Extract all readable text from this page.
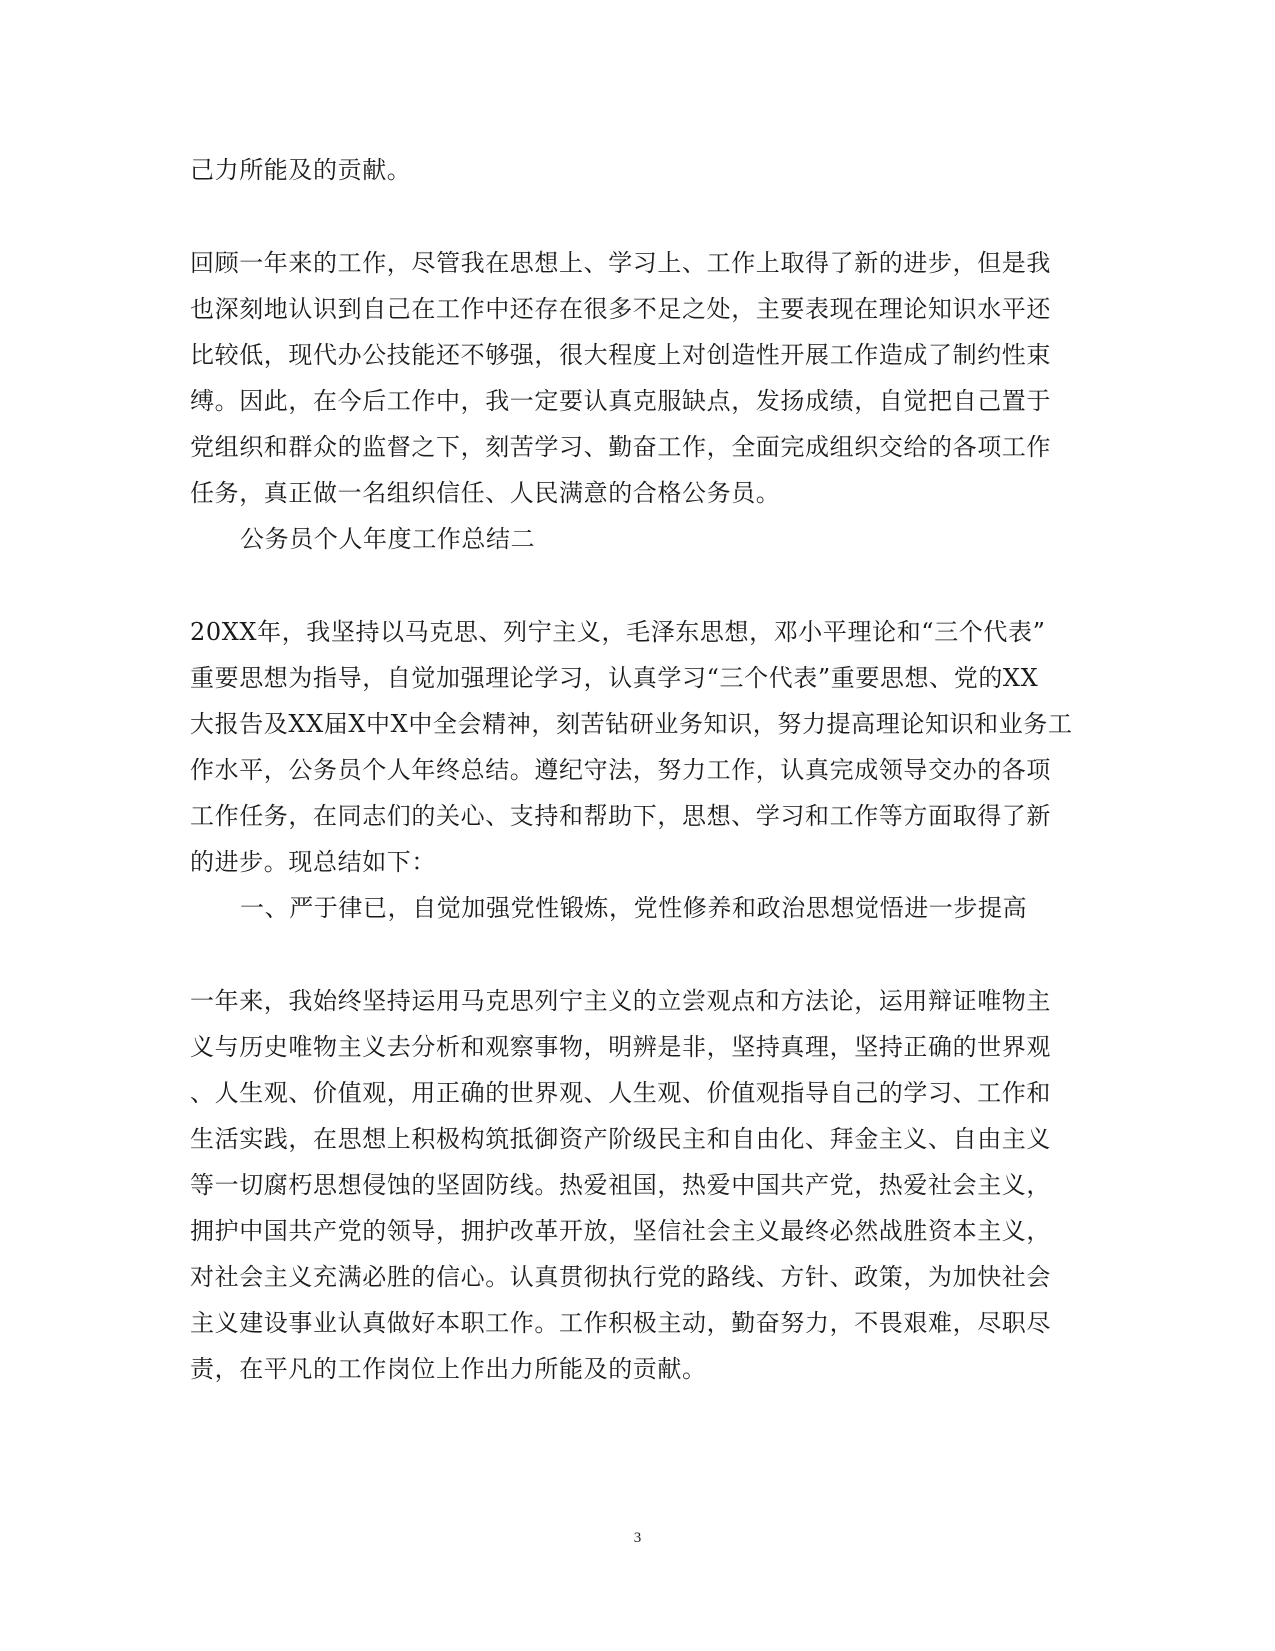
己力所能及的贡献。
回顾一年来的工作，尽管我在思想上、学习上、工作上取得了新的进步，但是我
也深刻地认识到自己在工作中还存在很多不足之处，主要表现在理论知识水平还
比较低，现代办公技能还不够强，很大程度上对创造性开展工作造成了制约性束
缚。因此，在今后工作中，我一定要认真克服缺点，发扬成绩，自觉把自己置于
党组织和群众的监督之下，刻苦学习、勤奋工作，全面完成组织交给的各项工作
任务，真正做一名组织信任、人民满意的合格公务员。
公务员个人年度工作总结二
20XX年，我坚持以马克思、列宁主义，毛泽东思想，邓小平理论和“三个代表”
重要思想为指导，自觉加强理论学习，认真学习“三个代表”重要思想、党的XX
大报告及XX届X中X中全会精神，刻苦钻研业务知识，努力提高理论知识和业务工
作水平，公务员个人年终总结。遵纪守法，努力工作，认真完成领导交办的各项
工作任务，在同志们的关心、支持和帮助下，思想、学习和工作等方面取得了新
的进步。现总结如下：
一、严于律已，自觉加强党性锻炼，党性修养和政治思想觉悟进一步提高
一年来，我始终坚持运用马克思列宁主义的立尝观点和方法论，运用辩证唯物主
义与历史唯物主义去分析和观察事物，明辨是非，坚持真理，坚持正确的世界观
、人生观、价值观，用正确的世界观、人生观、价值观指导自己的学习、工作和
生活实践，在思想上积极构筑抵御资产阶级民主和自由化、拜金主义、自由主义
等一切腐朽思想侵蚀的坚固防线。热爱祖国，热爱中国共产党，热爱社会主义，
拥护中国共产党的领导，拥护改革开放，坚信社会主义最终必然战胜资本主义，
对社会主义充满必胜的信心。认真贯彻执行党的路线、方针、政策，为加快社会
主义建设事业认真做好本职工作。工作积极主动，勤奋努力，不畏艰难，尽职尽
责，在平凡的工作岗位上作出力所能及的贡献。
3
